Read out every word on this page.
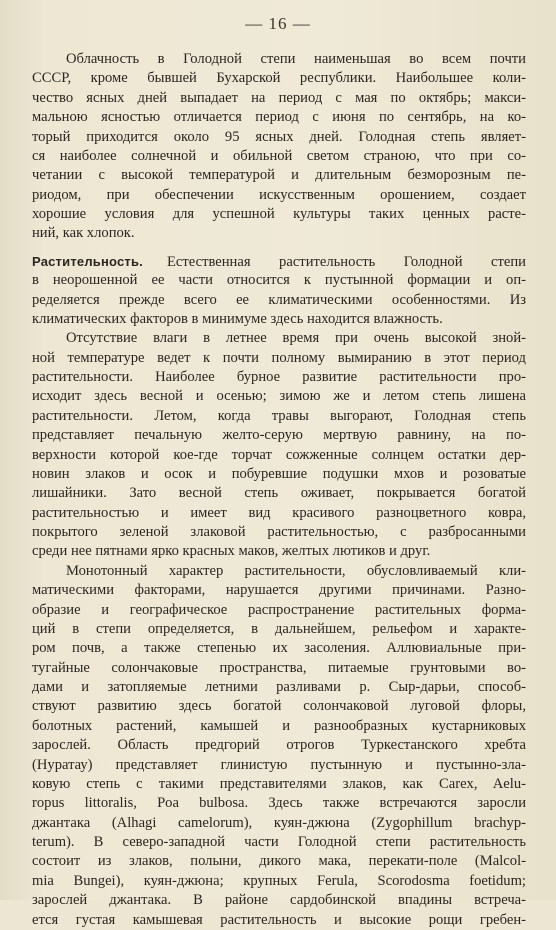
— 16 —
Облачность в Голодной степи наименьшая во всем почти
СССР, кроме бывшей Бухарской республики. Наибольшее коли-
чество ясных дней выпадает на период с мая по октябрь; макси-
мальною ясностью отличается период с июня по сентябрь, на ко-
торый приходится около 95 ясных дней. Голодная степь являет-
ся наиболее солнечной и обильной светом страною, что при со-
четании с высокой температурой и длительным безморозным пе-
риодом, при обеспечении искусственным орошением, создает
хорошие условия для успешной культуры таких ценных расте-
ний, как хлопок.
Растительность. Естественная растительность Голодной степи
в неорошенной ее части относится к пустынной формации и оп-
ределяется прежде всего ее климатическими особенностями. Из
климатических факторов в минимуме здесь находится влажность.
Отсутствие влаги в летнее время при очень высокой зной-
ной температуре ведет к почти полному вымиранию в этот период
растительности. Наиболее бурное развитие растительности про-
исходит здесь весной и осенью; зимою же и летом степь лишена
растительности. Летом, когда травы выгорают, Голодная степь
представляет печальную желто-серую мертвую равнину, на по-
верхности которой кое-где торчат сожженные солнцем остатки дер-
новин злаков и осок и побуревшие подушки мхов и розоватые
лишайники. Зато весной степь оживает, покрывается богатой
растительностью и имеет вид красивого разноцветного ковра,
покрытого зеленой злаковой растительностью, с разбросанными
среди нее пятнами ярко красных маков, желтых лютиков и друг.
Монотонный характер растительности, обусловливаемый кли-
матическими факторами, нарушается другими причинами. Разно-
образие и географическое распространение растительных форма-
ций в степи определяется, в дальнейшем, рельефом и характе-
ром почв, а также степенью их засоления. Аллювиальные при-
тугайные солончаковые пространства, питаемые грунтовыми во-
дами и затопляемые летними разливами р. Сыр-дарьи, способ-
ствуют развитию здесь богатой солончаковой луговой флоры,
болотных растений, камышей и разнообразных кустарниковых
зарослей. Область предгорий отрогов Туркестанского хребта
(Нуратау) представляет глинистую пустынную и пустынно-зла-
ковую степь с такими представителями злаков, как Carex, Aelu-
ropus littoralis, Poa bulbosa. Здесь также встречаются заросли
джантака (Alhagi camelorum), куян-джюна (Zygophillum brachyp-
terum). В северо-западной части Голодной степи растительность
состоит из злаков, полыни, дикого мака, перекати-поле (Malcol-
mia Bungei), куян-джюна; крупных Ferula, Scorodosma foetidum;
зарослей джантака. В районе сардобинской впадины встреча-
ется густая камышевая растительность и высокие рощи гребен-
